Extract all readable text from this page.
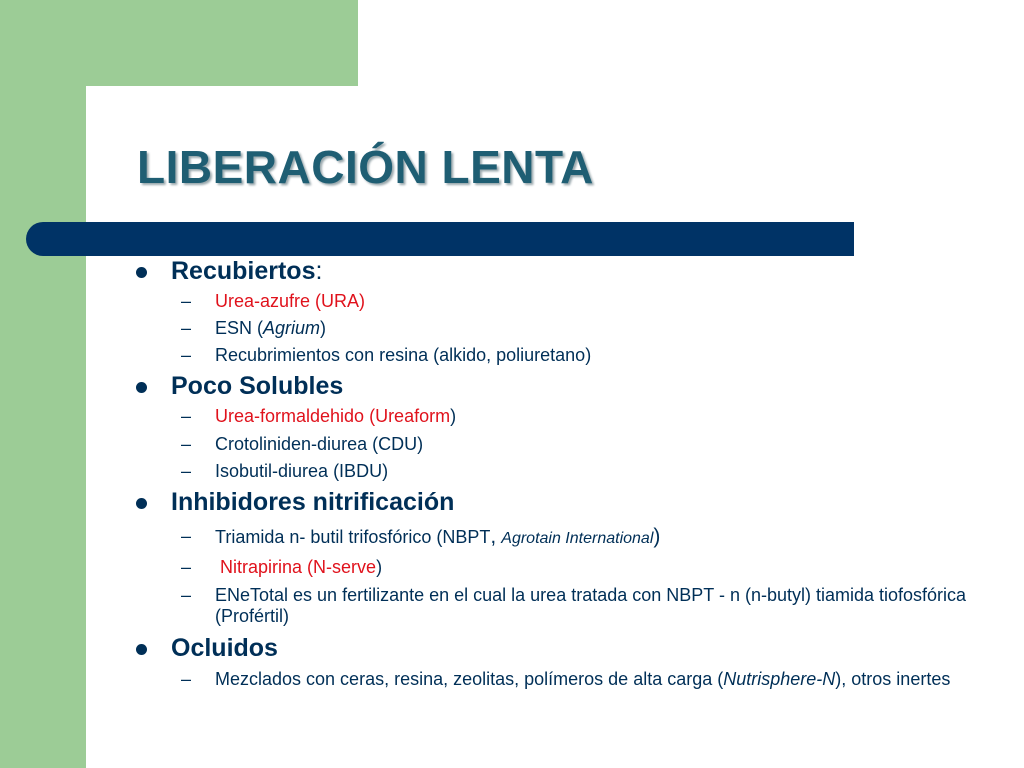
LIBERACIÓN LENTA
Recubiertos:
– Urea-azufre (URA)
– ESN (Agrium)
– Recubrimientos con resina (alkido, poliuretano)
Poco Solubles
– Urea-formaldehido (Ureaform)
– Crotoliniden-diurea (CDU)
– Isobutil-diurea (IBDU)
Inhibidores nitrificación
– Triamida n- butil trifosfórico (NBPT, Agrotain International)
– Nitrapirina (N-serve)
– ENeTotal es un fertilizante en el cual la urea tratada con NBPT - n (n-butyl) tiamida tiofosfórica (Profértil)
Ocluidos
– Mezclados con ceras, resina, zeolitas, polímeros de alta carga (Nutrisphere-N), otros inertes
